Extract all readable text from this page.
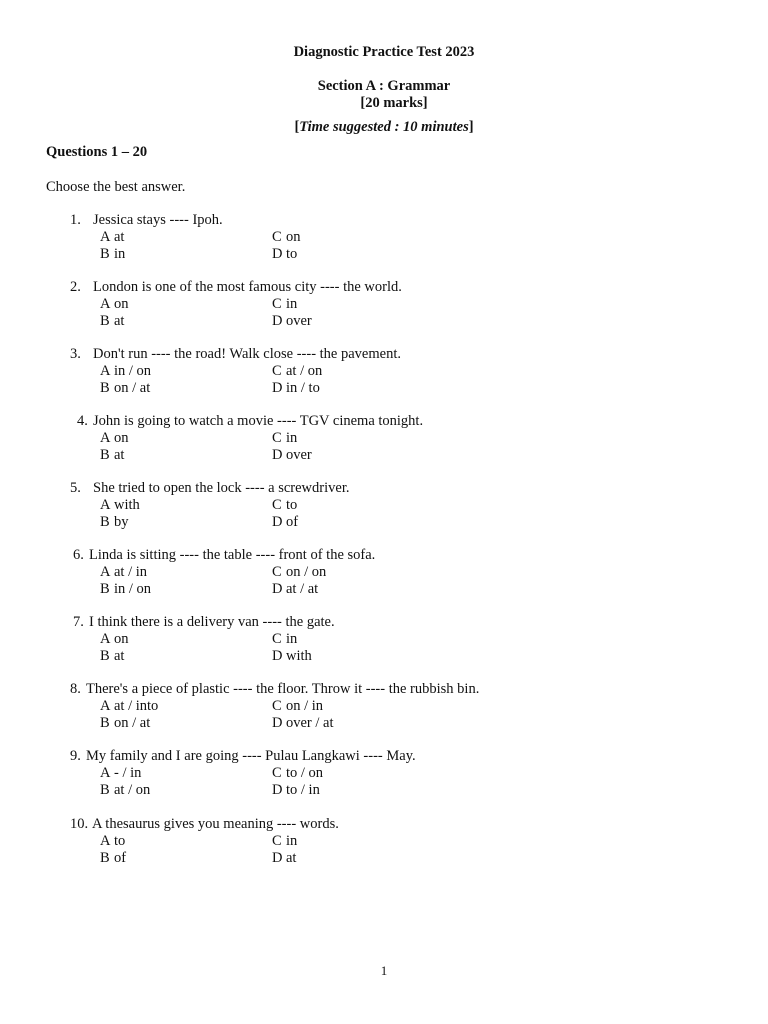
Diagnostic Practice Test 2023
Section A : Grammar
[20 marks]
[Time suggested : 10 minutes]
Questions 1 – 20
Choose the best answer.
1. Jessica stays ---- Ipoh.
A at
B in
C on
D to
2. London is one of the most famous city ---- the world.
A on
B at
C in
D over
3. Don't run ---- the road! Walk close ---- the pavement.
A in / on
B on / at
C at / on
D in / to
4. John is going to watch a movie ---- TGV cinema tonight.
A on
B at
C in
D over
5. She tried to open the lock ---- a screwdriver.
A with
B by
C to
D of
6. Linda is sitting ---- the table ---- front of the sofa.
A at / in
B in / on
C on / on
D at / at
7. I think there is a delivery van ---- the gate.
A on
B at
C in
D with
8. There's a piece of plastic ---- the floor. Throw it ---- the rubbish bin.
A at / into
B on / at
C on / in
D over / at
9. My family and I are going ---- Pulau Langkawi ---- May.
A - / in
B at / on
C to / on
D to / in
10. A thesaurus gives you meaning ---- words.
A to
B of
C in
D at
1
